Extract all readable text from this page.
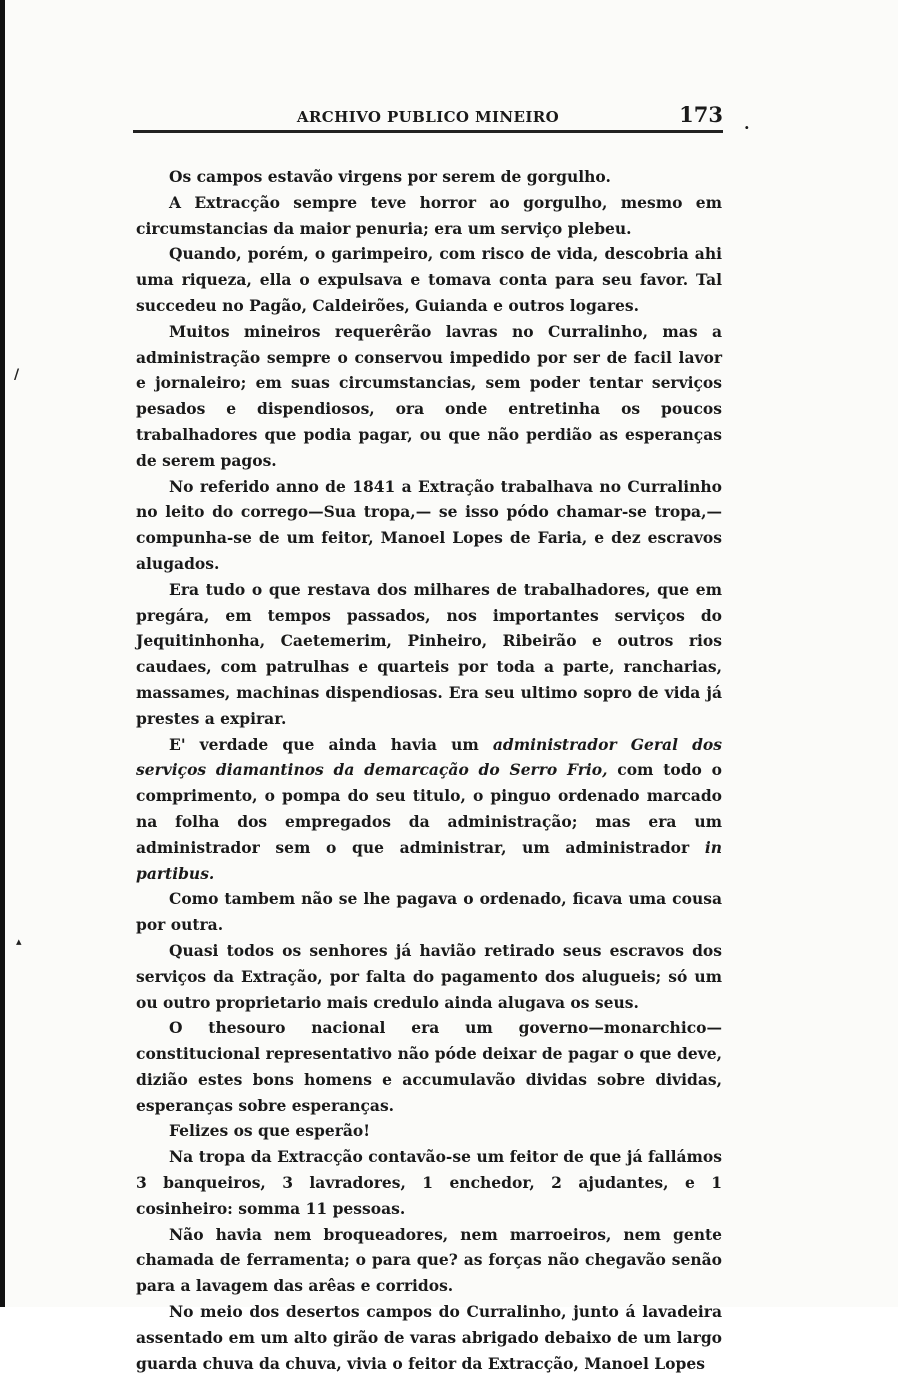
ARCHIVO PUBLICO MINEIRO	173 .
/
▴

Os campos estavão virgens por serem de gorgulho.

A Extracção sempre teve horror ao gorgulho, mesmo em circumstancias da maior penuria; era um serviço plebeu.

Quando, porém, o garimpeiro, com risco de vida, descobria ahi uma riqueza, ella o expulsava e tomava conta para seu favor. Tal succedeu no Pagão, Caldeirões, Guianda e outros logares.

Muitos mineiros requerêrão lavras no Curralinho, mas a administração sempre o conservou impedido por ser de facil lavor e jornaleiro; em suas circumstancias, sem poder tentar serviços pesados e dispendiosos, ora onde entretinha os poucos trabalhadores que podia pagar, ou que não perdião as esperanças de serem pagos.

No referido anno de 1841 a Extração trabalhava no Curralinho no leito do corrego—Sua tropa,— se isso pódo chamar-se tropa,—compunha-se de um feitor, Manoel Lopes de Faria, e dez escravos alugados.

Era tudo o que restava dos milhares de trabalhadores, que em pregára, em tempos passados, nos importantes serviços do Jequitinhonha, Caetemerim, Pinheiro, Ribeirão e outros rios caudaes, com patrulhas e quarteis por toda a parte, rancharias, massames, machinas dispendiosas. Era seu ultimo sopro de vida já prestes a expirar.

E' verdade que ainda havia um administrador Geral dos serviços diamantinos da demarcação do Serro Frio, com todo o comprimento, o pompa do seu titulo, o pinguo ordenado marcado na folha dos empregados da administração; mas era um administrador sem o que administrar, um administrador in partibus.

Como tambem não se lhe pagava o ordenado, ficava uma cousa por outra.

Quasi todos os senhores já havião retirado seus escravos dos serviços da Extração, por falta do pagamento dos alugueis; só um ou outro proprietario mais credulo ainda alugava os seus.

O thesouro nacional era um governo—monarchico—constitucional representativo não póde deixar de pagar o que deve, dizião estes bons homens e accumulavão dividas sobre dividas, esperanças sobre esperanças.

Felizes os que esperão!

Na tropa da Extracção contavão-se um feitor de que já fallámos 3 banqueiros, 3 lavradores, 1 enchedor, 2 ajudantes, e 1 cosinheiro: somma 11 pessoas.

Não havia nem broqueadores, nem marroeiros, nem gente chamada de ferramenta; o para que? as forças não chegavão senão para a lavagem das arêas e corridos.

No meio dos desertos campos do Curralinho, junto á lavadeira assentado em um alto girão de varas abrigado debaixo de um largo guarda chuva da chuva, vivia o feitor da Extracção, Manoel Lopes
